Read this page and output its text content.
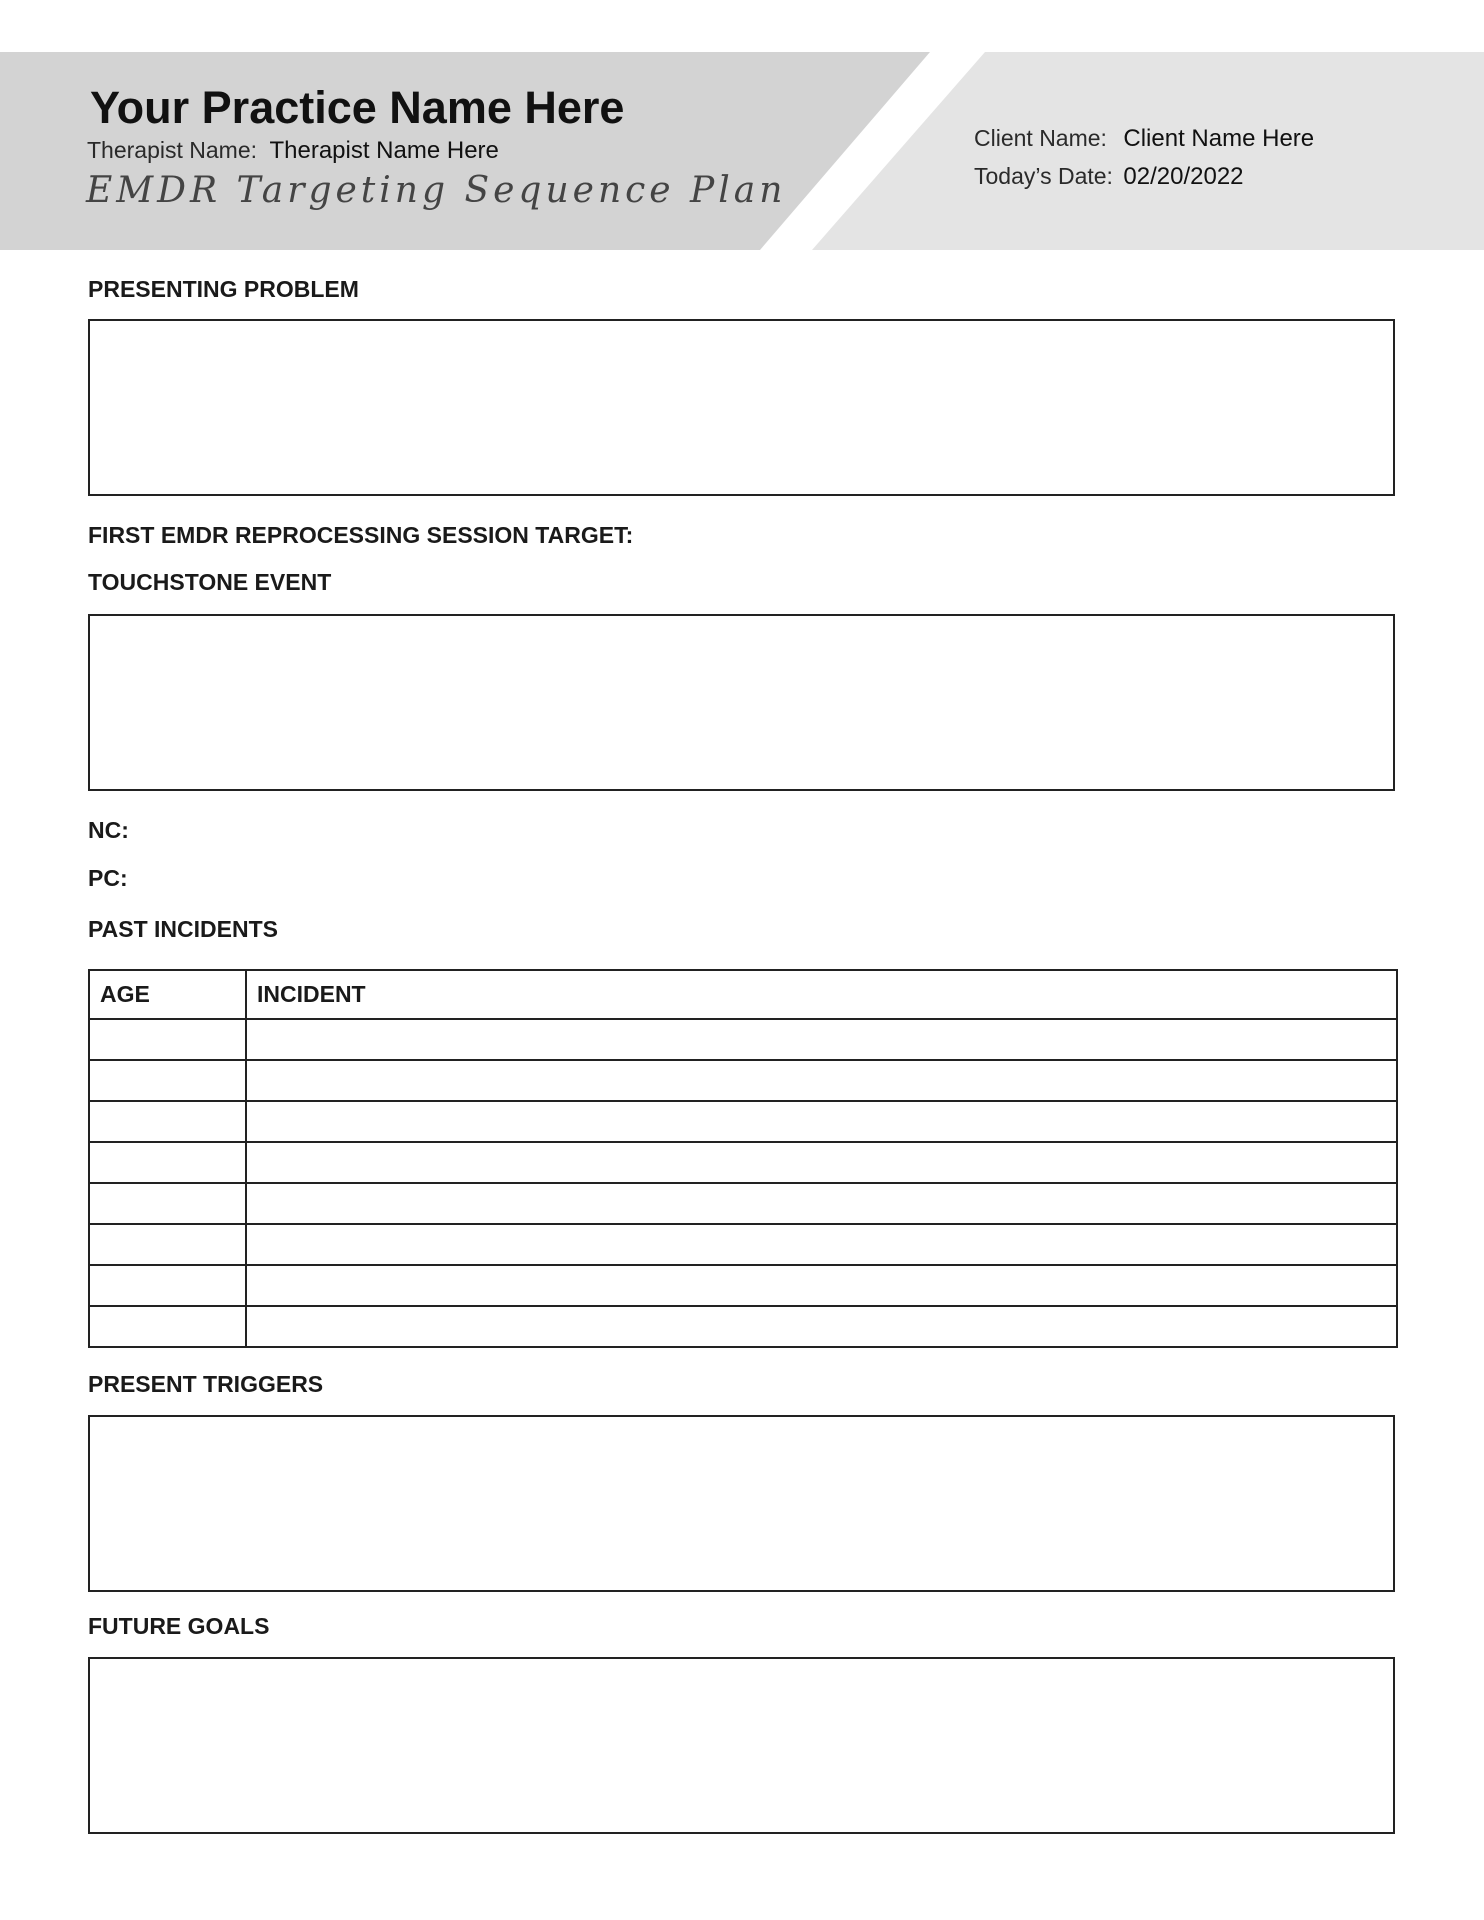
Your Practice Name Here
Therapist Name: Therapist Name Here
EMDR Targeting Sequence Plan
Client Name: Client Name Here
Today’s Date: 02/20/2022
PRESENTING PROBLEM
FIRST EMDR REPROCESSING SESSION TARGET:
TOUCHSTONE EVENT
NC:
PC:
PAST INCIDENTS
AGE	INCIDENT

PRESENT TRIGGERS
FUTURE GOALS
